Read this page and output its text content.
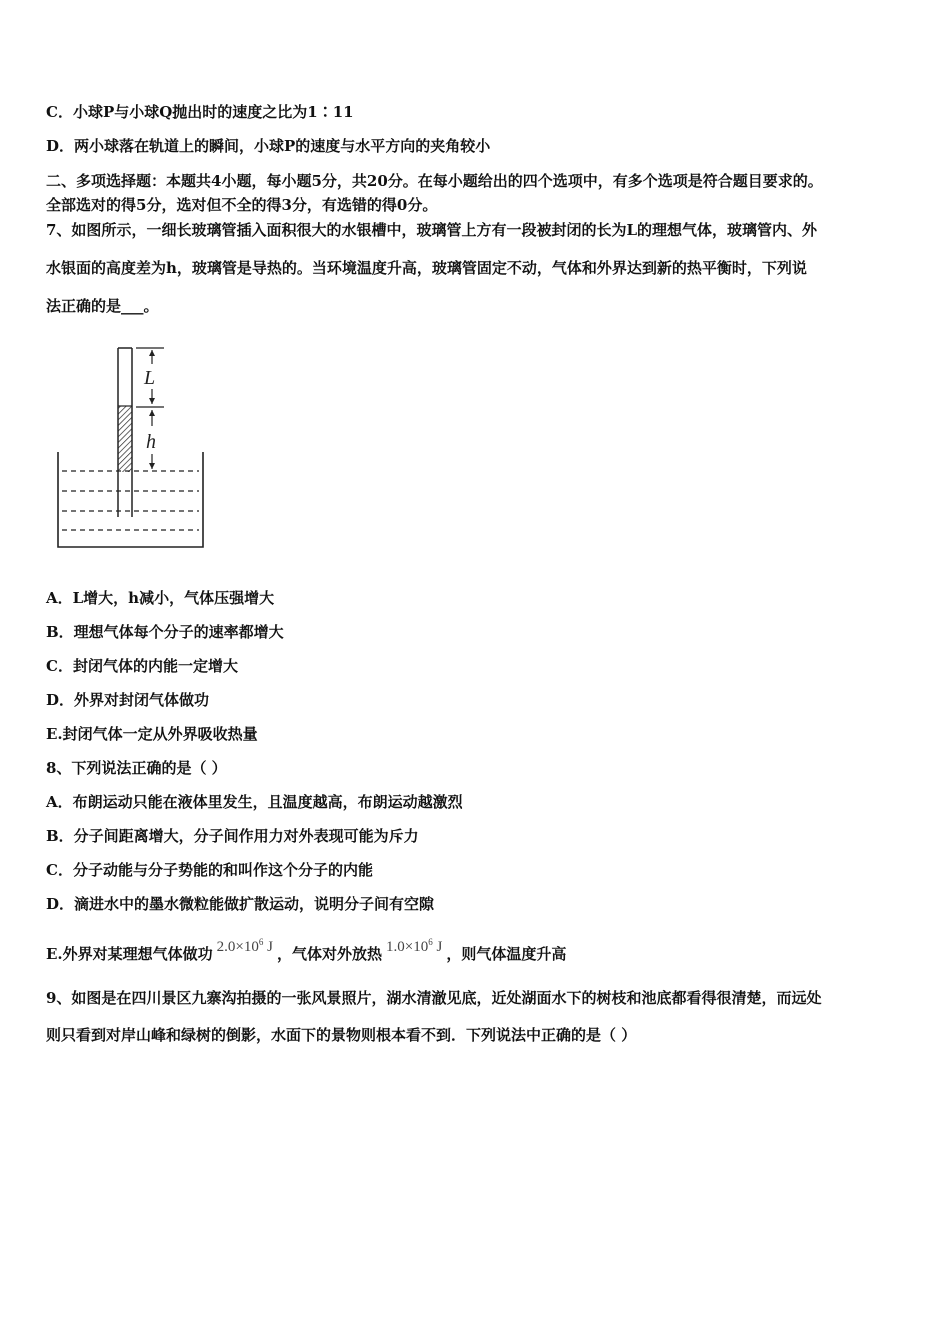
C．小球P与小球Q抛出时的速度之比为1∶11
D．两小球落在轨道上的瞬间，小球P的速度与水平方向的夹角较小
二、多项选择题：本题共4小题，每小题5分，共20分。在每小题给出的四个选项中，有多个选项是符合题目要求的。
全部选对的得5分，选对但不全的得3分，有选错的得0分。
7、如图所示，一细长玻璃管插入面积很大的水银槽中，玻璃管上方有一段被封闭的长为L的理想气体，玻璃管内、外
水银面的高度差为h，玻璃管是导热的。当环境温度升高，玻璃管固定不动，气体和外界达到新的热平衡时，下列说
法正确的是___。
L
h
A．L增大，h减小，气体压强增大
B．理想气体每个分子的速率都增大
C．封闭气体的内能一定增大
D．外界对封闭气体做功
E.封闭气体一定从外界吸收热量
8、下列说法正确的是（ ）
A．布朗运动只能在液体里发生，且温度越高，布朗运动越激烈
B．分子间距离增大，分子间作用力对外表现可能为斥力
C．分子动能与分子势能的和叫作这个分子的内能
D．滴进水中的墨水微粒能做扩散运动，说明分子间有空隙
E.外界对某理想气体做功 $2.0\times 10^6$ J ，气体对外放热 $1.0\times 10^6$ J ，则气体温度升高
9、如图是在四川景区九寨沟拍摄的一张风景照片，湖水清澈见底，近处湖面水下的树枝和池底都看得很清楚，而远处
则只看到对岸山峰和绿树的倒影，水面下的景物则根本看不到．下列说法中正确的是（ ）
